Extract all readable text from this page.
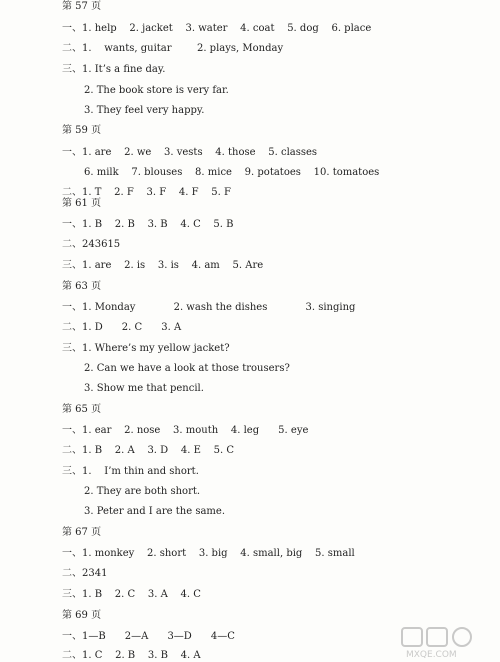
第 57 页
一、1. help    2. jacket    3. water    4. coat    5. dog    6. place
二、1.    wants, guitar        2. plays, Monday
三、1. It’s a fine day.
2. The book store is very far.
3. They feel very happy.
第 59 页
一、1. are    2. we    3. vests    4. those    5. classes
6. milk    7. blouses    8. mice    9. potatoes    10. tomatoes
二、1. T    2. F    3. F    4. F    5. F
第 61 页
一、1. B    2. B    3. B    4. C    5. B
二、243615
三、1. are    2. is    3. is    4. am    5. Are
第 63 页
一、1. Monday            2. wash the dishes            3. singing
二、1. D      2. C      3. A
三、1. Where’s my yellow jacket?
2. Can we have a look at those trousers?
3. Show me that pencil.
第 65 页
一、1. ear    2. nose    3. mouth    4. leg      5. eye
二、1. B    2. A    3. D    4. E    5. C
三、1.    I’m thin and short.
2. They are both short.
3. Peter and I are the same.
第 67 页
一、1. monkey    2. short    3. big    4. small, big    5. small
二、2341
三、1. B    2. C    3. A    4. C
第 69 页
一、1—B      2—A      3—D      4—C
二、1. C    2. B    3. B    4. A	MXQE.COM
